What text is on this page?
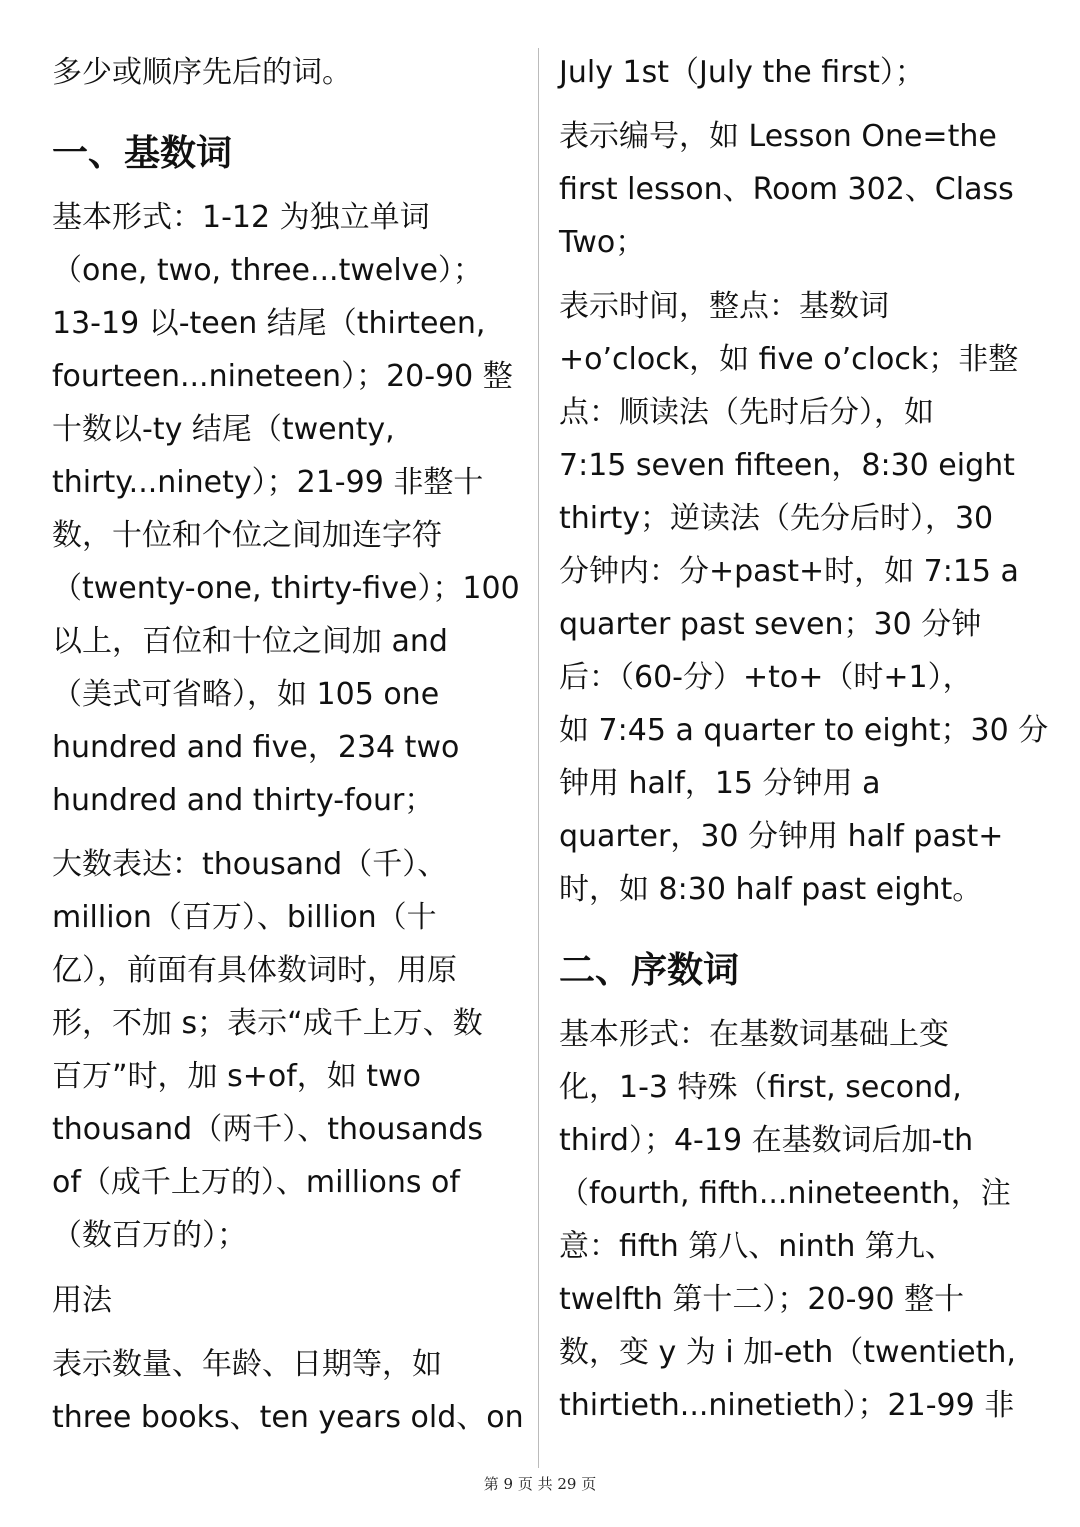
多少或顺序先后的词。
一、基数词
基本形式：1-12 为独立单词
（one, two, three...twelve）；
13-19 以-teen 结尾（thirteen,
fourteen...nineteen）；20-90 整
十数以-ty 结尾（twenty,
thirty...ninety）；21-99 非整十
数，十位和个位之间加连字符
（twenty-one, thirty-five）；100
以上，百位和十位之间加 and
（美式可省略），如 105 one
hundred and five，234 two
hundred and thirty-four；
大数表达：thousand（千）、
million（百万）、billion（十
亿），前面有具体数词时，用原
形，不加 s；表示“成千上万、数
百万”时，加 s+of，如 two
thousand（两千）、thousands
of（成千上万的）、millions of
（数百万的）；
用法
表示数量、年龄、日期等，如
three books、ten years old、on
July 1st（July the first）；
表示编号，如 Lesson One=the
first lesson、Room 302、Class
Two；
表示时间，整点：基数词
+o’clock，如 five o’clock；非整
点：顺读法（先时后分），如
7:15 seven fifteen，8:30 eight
thirty；逆读法（先分后时），30
分钟内：分+past+时，如 7:15 a
quarter past seven；30 分钟
后：（60-分）+to+（时+1），
如 7:45 a quarter to eight；30 分
钟用 half，15 分钟用 a
quarter，30 分钟用 half past+
时，如 8:30 half past eight。
二、序数词
基本形式：在基数词基础上变
化，1-3 特殊（first, second,
third）；4-19 在基数词后加-th
（fourth, fifth...nineteenth，注
意：fifth 第八、ninth 第九、
twelfth 第十二）；20-90 整十
数，变 y 为 i 加-eth（twentieth,
thirtieth...ninetieth）；21-99 非
第 9 页 共 29 页
